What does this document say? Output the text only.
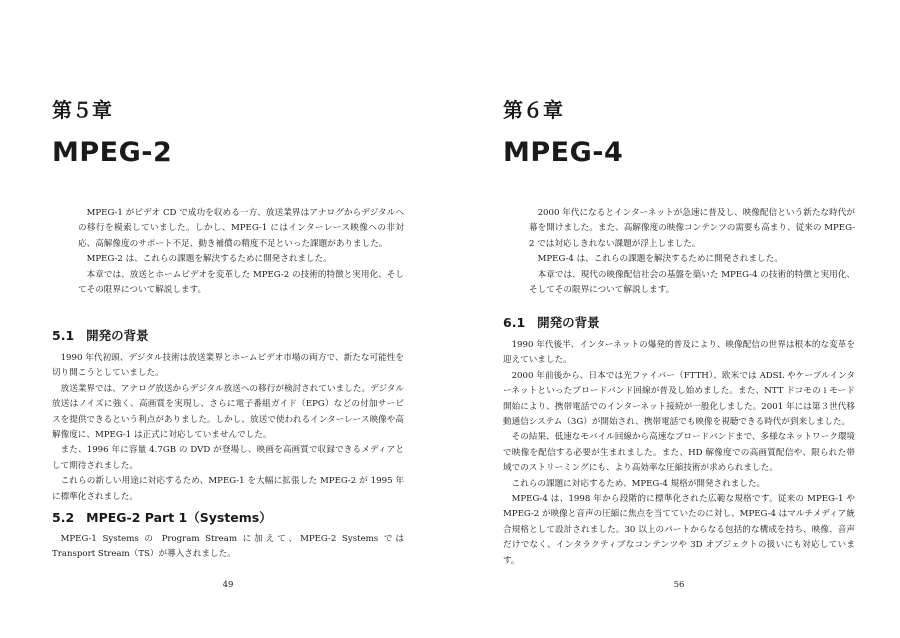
第５章
MPEG-2

MPEG-1 がビデオ CD で成功を収める一方、放送業界はアナログからデジタルへの移行を模索していました。しかし、MPEG-1 にはインターレース映像への非対応、高解像度のサポート不足、動き補償の精度不足といった課題がありました。

MPEG-2 は、これらの課題を解決するために開発されました。

本章では、放送とホームビデオを変革した MPEG-2 の技術的特徴と実用化、そしてその限界について解説します。

5.1 開発の背景

1990 年代初頭、デジタル技術は放送業界とホームビデオ市場の両方で、新たな可能性を切り開こうとしていました。

放送業界では、アナログ放送からデジタル放送への移行が検討されていました。デジタル放送はノイズに強く、高画質を実現し、さらに電子番組ガイド（EPG）などの付加サービスを提供できるという利点がありました。しかし、放送で使われるインターレース映像や高解像度に、MPEG-1 は正式に対応していませんでした。

また、1996 年に容量 4.7GB の DVD が登場し、映画を高画質で収録できるメディアとして期待されました。

これらの新しい用途に対応するため、MPEG-1 を大幅に拡張した MPEG-2 が 1995 年に標準化されました。

5.2 MPEG-2 Part 1（Systems）

MPEG-1 Systems の Program Stream に加えて、MPEG-2 Systems では Transport Stream（TS）が導入されました。

49
第６章
MPEG-4

2000 年代になるとインターネットが急速に普及し、映像配信という新たな時代が幕を開けました。また、高解像度の映像コンテンツの需要も高まり、従来の MPEG-2 では対応しきれない課題が浮上しました。

MPEG-4 は、これらの課題を解決するために開発されました。

本章では、現代の映像配信社会の基盤を築いた MPEG-4 の技術的特徴と実用化、そしてその限界について解説します。

6.1 開発の背景

1990 年代後半、インターネットの爆発的普及により、映像配信の世界は根本的な変革を迎えていました。

2000 年前後から、日本では光ファイバー（FTTH）、欧米では ADSL やケーブルインターネットといったブロードバンド回線が普及し始めました。また、NTT ドコモの i モード開始により、携帯電話でのインターネット接続が一般化しました。2001 年には第３世代移動通信システム（3G）が開始され、携帯電話でも映像を視聴できる時代が到来しました。

その結果、低速なモバイル回線から高速なブロードバンドまで、多様なネットワーク環境で映像を配信する必要が生まれました。また、HD 解像度での高画質配信や、限られた帯域でのストリーミングにも、より高効率な圧縮技術が求められました。

これらの課題に対応するため、MPEG-4 規格が開発されました。

MPEG-4 は、1998 年から段階的に標準化された広範な規格です。従来の MPEG-1 や MPEG-2 が映像と音声の圧縮に焦点を当てていたのに対し、MPEG-4 はマルチメディア統合規格として設計されました。30 以上のパートからなる包括的な構成を持ち、映像、音声だけでなく、インタラクティブなコンテンツや 3D オブジェクトの扱いにも対応しています。

56
